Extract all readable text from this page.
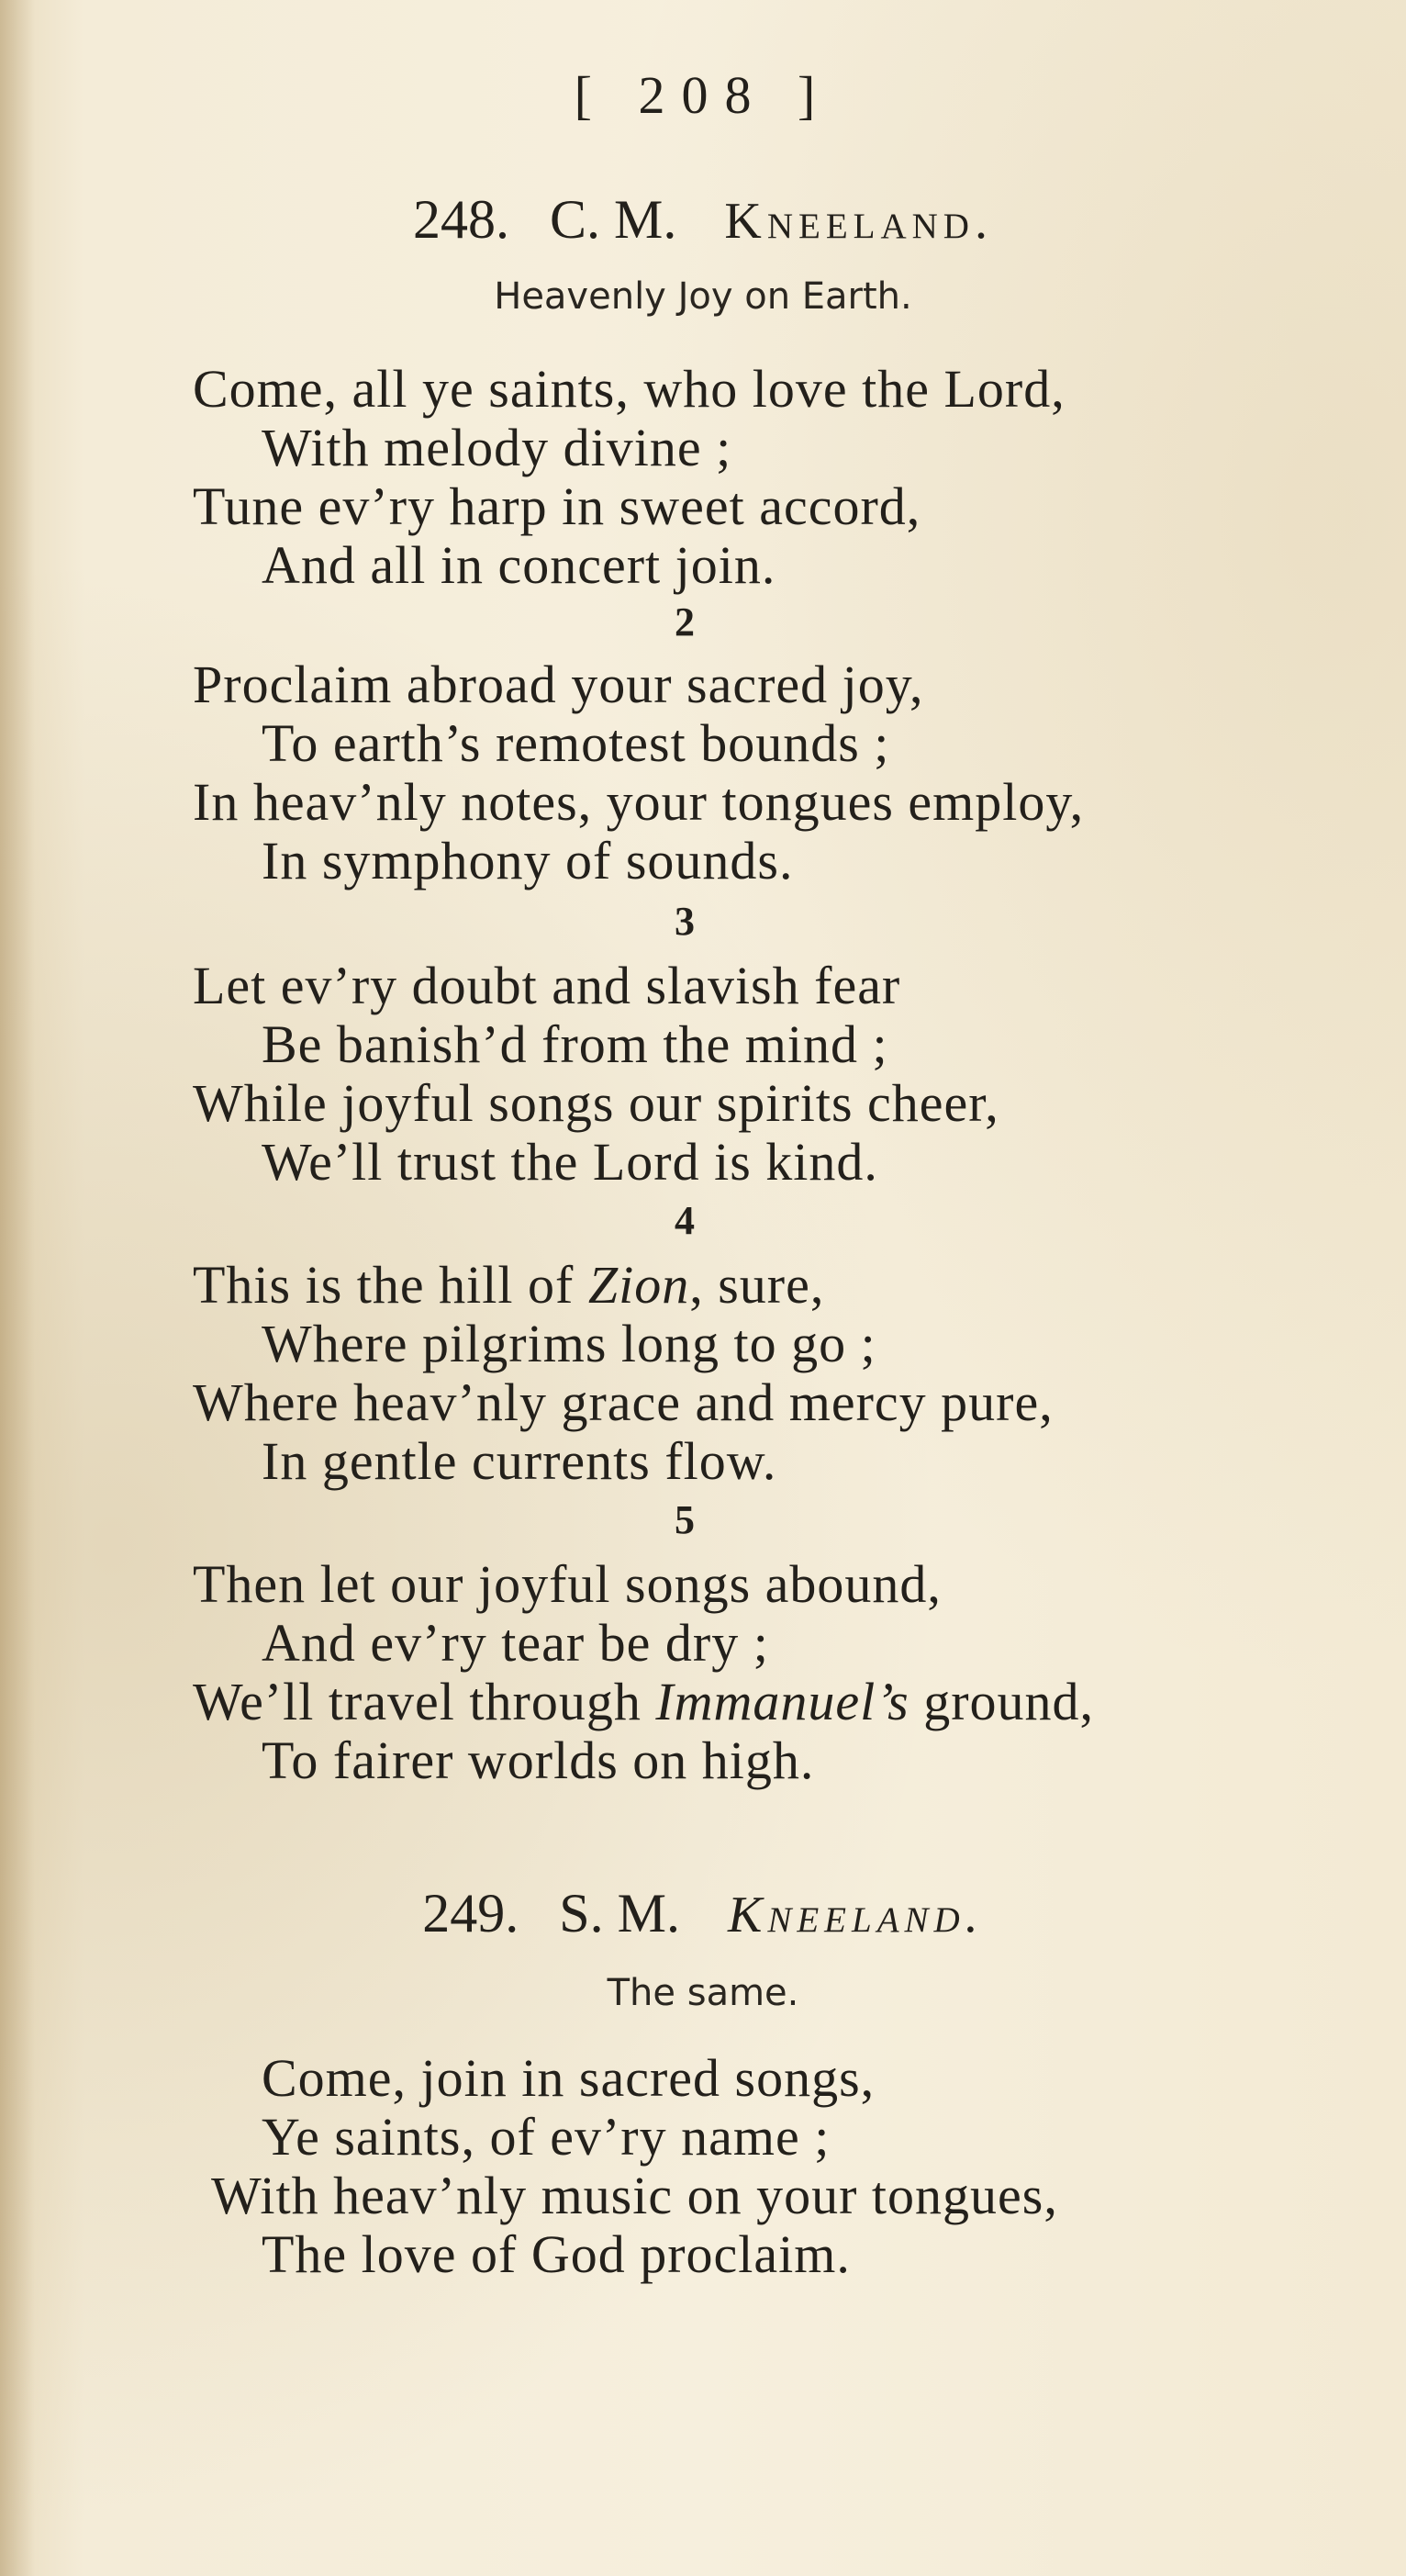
[ 208 ]
248. C. M. Kneeland.
Heavenly Joy on Earth.
Come, all ye saints, who love the Lord,
With melody divine ;
Tune ev’ry harp in sweet accord,
And all in concert join.
2
Proclaim abroad your sacred joy,
To earth’s remotest bounds ;
In heav’nly notes, your tongues employ,
In symphony of sounds.
3
Let ev’ry doubt and slavish fear
Be banish’d from the mind ;
While joyful songs our spirits cheer,
We’ll trust the Lord is kind.
4
This is the hill of Zion, sure,
Where pilgrims long to go ;
Where heav’nly grace and mercy pure,
In gentle currents flow.
5
Then let our joyful songs abound,
And ev’ry tear be dry ;
We’ll travel through Immanuel’s ground,
To fairer worlds on high.
249. S. M. Kneeland.
The same.
Come, join in sacred songs,
Ye saints, of ev’ry name ;
With heav’nly music on your tongues,
The love of God proclaim.
